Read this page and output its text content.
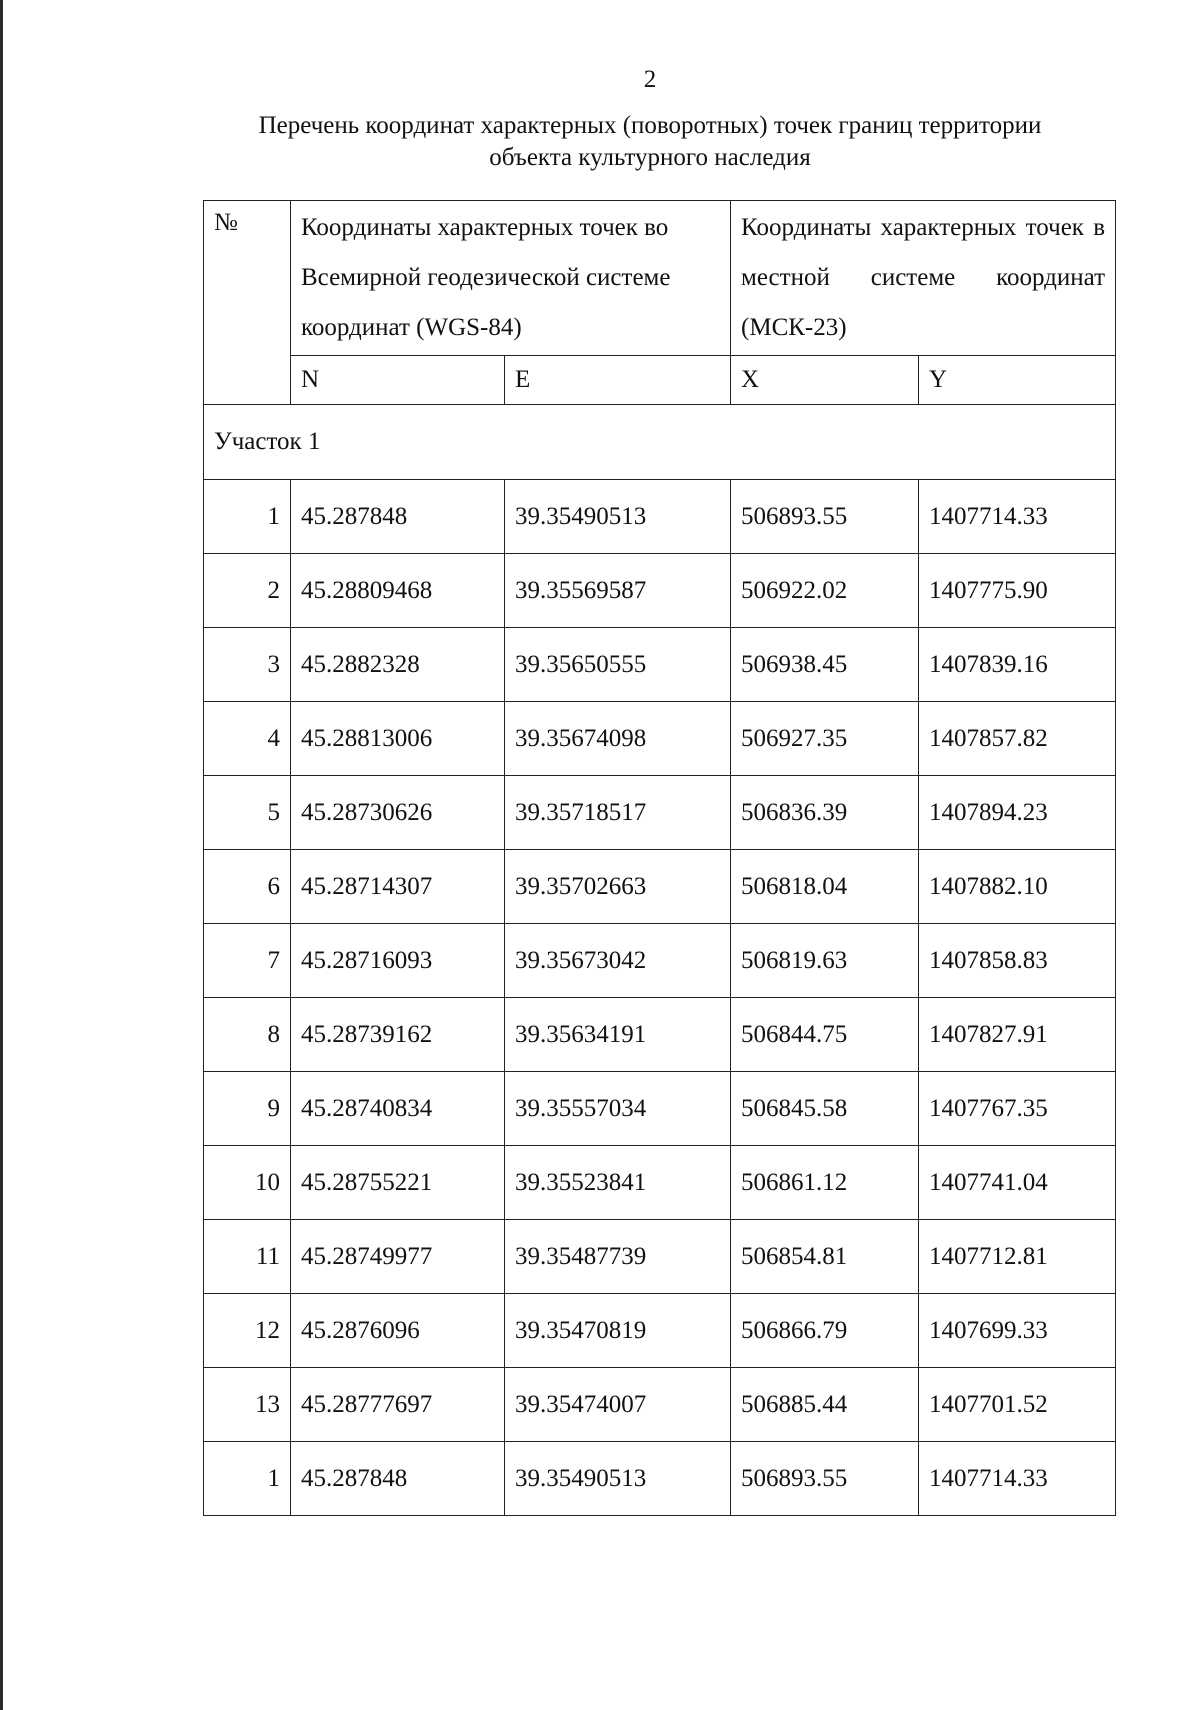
2
Перечень координат характерных (поворотных) точек границ территории
объекта культурного наследия
№	Координаты характерных точек во Всемирной геодезической системе координат (WGS-84)		Координаты характерных точек в местной системе координат (МСК-23)	
	N	E	X	Y
Участок 1				
1	45.287848	39.35490513	506893.55	1407714.33
2	45.28809468	39.35569587	506922.02	1407775.90
3	45.2882328	39.35650555	506938.45	1407839.16
4	45.28813006	39.35674098	506927.35	1407857.82
5	45.28730626	39.35718517	506836.39	1407894.23
6	45.28714307	39.35702663	506818.04	1407882.10
7	45.28716093	39.35673042	506819.63	1407858.83
8	45.28739162	39.35634191	506844.75	1407827.91
9	45.28740834	39.35557034	506845.58	1407767.35
10	45.28755221	39.35523841	506861.12	1407741.04
11	45.28749977	39.35487739	506854.81	1407712.81
12	45.2876096	39.35470819	506866.79	1407699.33
13	45.28777697	39.35474007	506885.44	1407701.52
1	45.287848	39.35490513	506893.55	1407714.33
